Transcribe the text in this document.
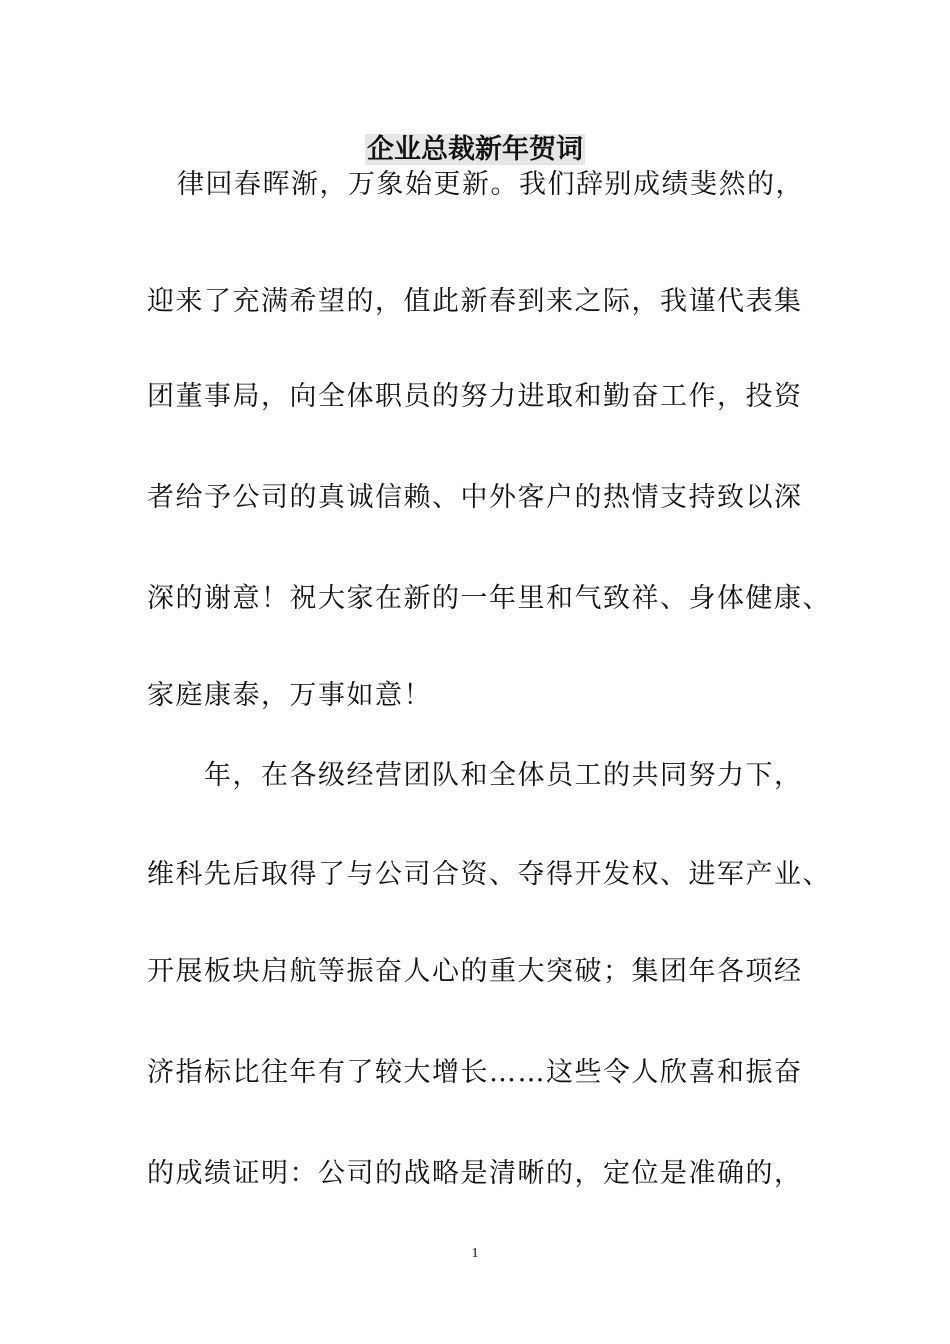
企业总裁新年贺词
律回春晖渐，万象始更新。我们辞别成绩斐然的，
迎来了充满希望的，值此新春到来之际，我谨代表集
团董事局，向全体职员的努力进取和勤奋工作，投资
者给予公司的真诚信赖、中外客户的热情支持致以深
深的谢意！祝大家在新的一年里和气致祥、身体健康、
家庭康泰，万事如意！
年，在各级经营团队和全体员工的共同努力下，
维科先后取得了与公司合资、夺得开发权、进军产业、
开展板块启航等振奋人心的重大突破；集团年各项经
济指标比往年有了较大增长……这些令人欣喜和振奋
的成绩证明：公司的战略是清晰的，定位是准确的，
1
